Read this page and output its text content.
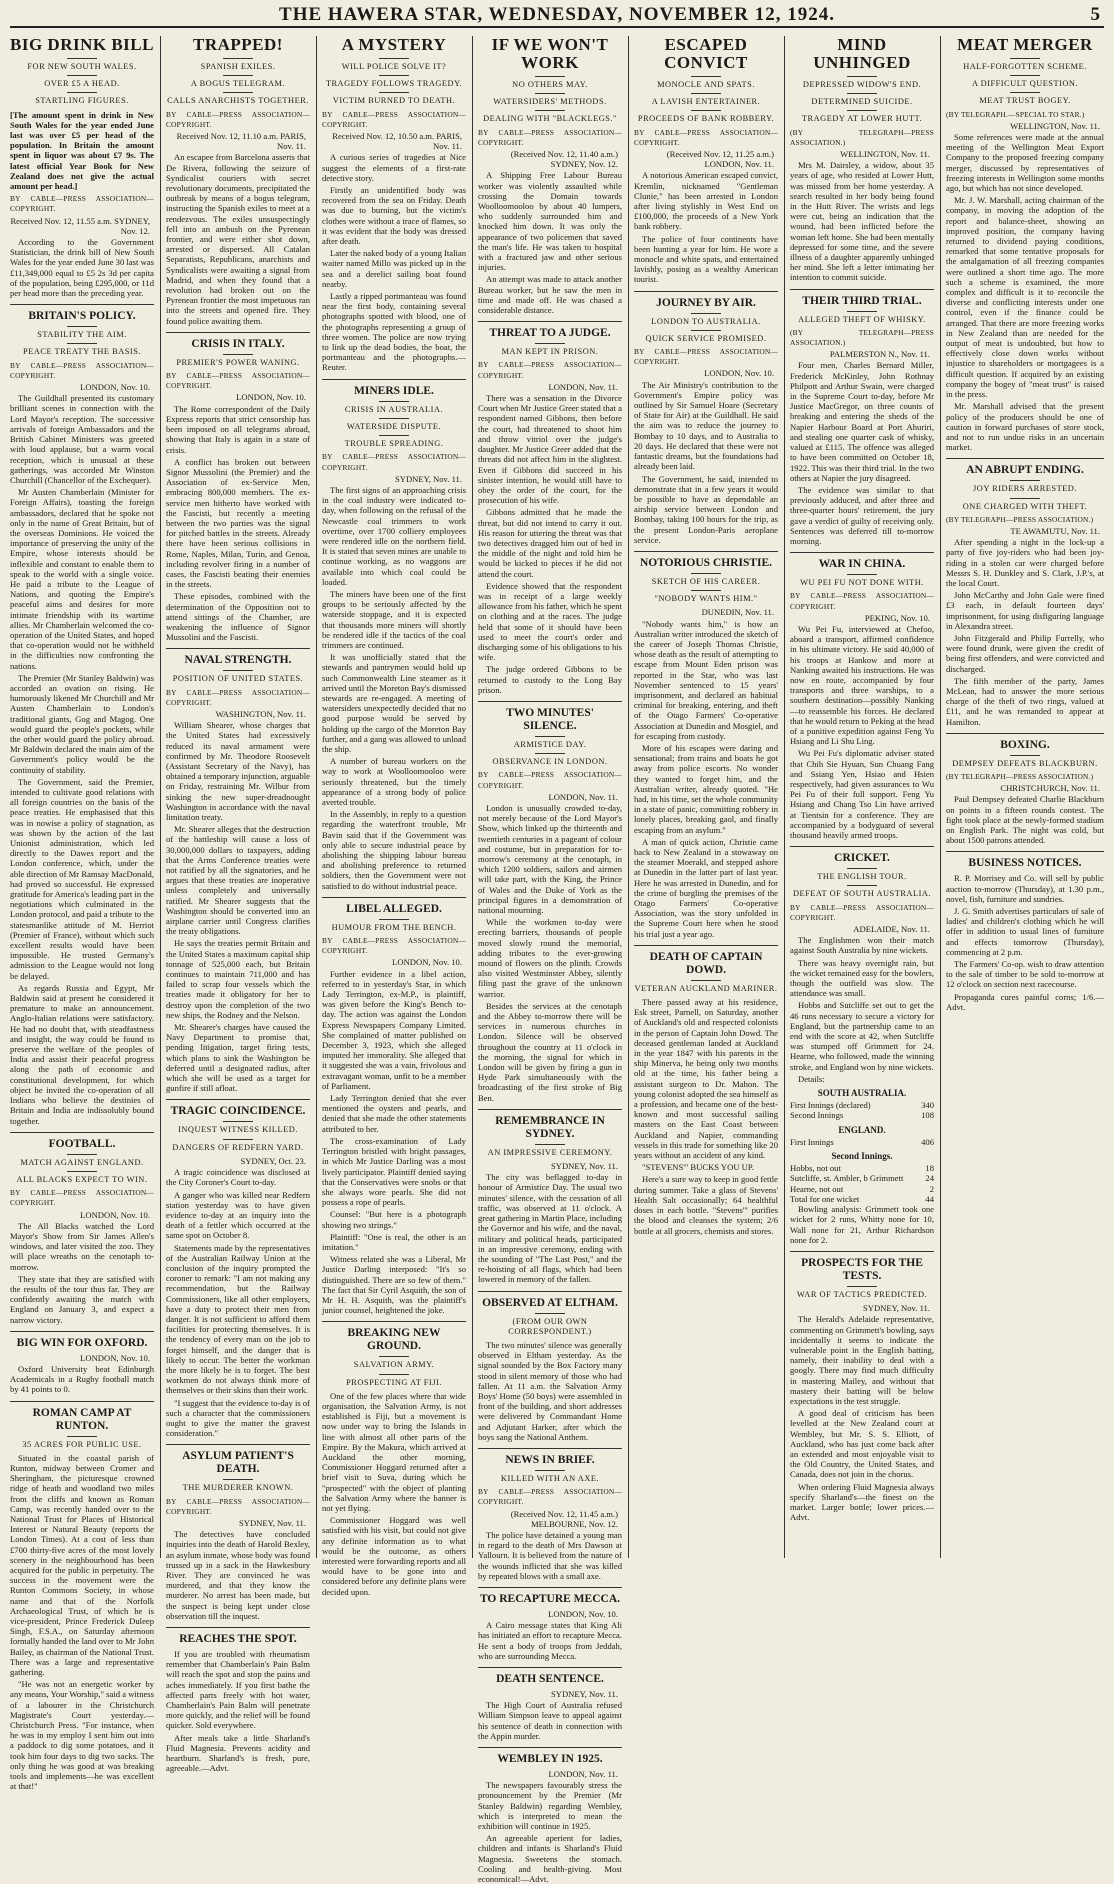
THE HAWERA STAR, WEDNESDAY, NOVEMBER 12, 1924.	5
BIG DRINK BILL
FOR NEW SOUTH WALES.
OVER £5 A HEAD.
STARTLING FIGURES.
[The amount spent in drink in New South Wales for the year ended June last was over £5 per head of the population. In Britain the amount spent in liquor was about £7 9s. The latest official Year Book for New Zealand does not give the actual amount per head.]
BY CABLE—PRESS ASSOCIATION—COPYRIGHT.
Received Nov. 12, 11.55 a.m. SYDNEY, Nov. 12.

According to the Government Statistician, the drink bill of New South Wales for the year ended June 30 last was £11,349,000 equal to £5 2s 3d per capita of the population, being £295,000, or 11d per head more than the preceding year.

BRITAIN'S POLICY.
STABILITY THE AIM.
PEACE TREATY THE BASIS.
BY CABLE—PRESS ASSOCIATION—COPYRIGHT.
LONDON, Nov. 10.

The Guildhall presented its customary brilliant scenes in connection with the Lord Mayor's reception. The successive arrivals of foreign Ambassadors and the British Cabinet Ministers was greeted with loud applause, but a warm vocal reception, which is unusual at these gatherings, was accorded Mr Winston Churchill (Chancellor of the Exchequer).

Mr Austen Chamberlain (Minister for Foreign Affairs), toasting the foreign ambassadors, declared that he spoke not only in the name of Great Britain, but of the overseas Dominions. He voiced the importance of preserving the unity of the Empire, whose interests should be inflexible and constant to enable them to speak to the world with a single voice. He paid a tribute to the League of Nations, and quoting the Empire's peaceful aims and desires for more intimate friendship with its wartime allies. Mr Chamberlain welcomed the co-operation of the United States, and hoped that co-operation would not be withheld in the difficulties now confronting the nations.

The Premier (Mr Stanley Baldwin) was accorded an ovation on rising. He humorously likened Mr Churchill and Mr Austen Chamberlain to London's traditional giants, Gog and Magog. One would guard the people's pockets, while the other would guard the policy abroad. Mr Baldwin declared the main aim of the Government's policy would be the continuity of stability.

The Government, said the Premier, intended to cultivate good relations with all foreign countries on the basis of the peace treaties. He emphasised that this was in nowise a policy of stagnation, as was shown by the action of the last Unionist administration, which led directly to the Dawes report and the London conference, which, under the able direction of Mr Ramsay MacDonald, had proved so successful. He expressed gratitude for America's leading part in the negotiations which culminated in the London protocol, and paid a tribute to the statesmanlike attitude of M. Herriot (Premier of France), without which such excellent results would have been impossible. He trusted Germany's admission to the League would not long be delayed.

As regards Russia and Egypt, Mr Baldwin said at present he considered it premature to make an announcement. Anglo-Italian relations were satisfactory. He had no doubt that, with steadfastness and insight, the way could be found to preserve the welfare of the peoples of India and assist their peaceful progress along the path of economic and constitutional development, for which object he invited the co-operation of all Indians who believe the destinies of Britain and India are indissolubly bound together.

FOOTBALL.
MATCH AGAINST ENGLAND.
ALL BLACKS EXPECT TO WIN.
BY CABLE—PRESS ASSOCIATION—COPYRIGHT.
LONDON, Nov. 10.

The All Blacks watched the Lord Mayor's Show from Sir James Allen's windows, and later visited the zoo. They will place wreaths on the cenotaph to-morrow.

They state that they are satisfied with the results of the tour thus far. They are confidently awaiting the match with England on January 3, and expect a narrow victory.

BIG WIN FOR OXFORD.
LONDON, Nov. 10.

Oxford University beat Edinburgh Academicals in a Rugby football match by 41 points to 0.

ROMAN CAMP AT RUNTON.
35 ACRES FOR PUBLIC USE.

Situated in the coastal parish of Runton, midway between Cromer and Sheringham, the picturesque crowned ridge of heath and woodland two miles from the cliffs and known as Roman Camp, was recently handed over to the National Trust for Places of Historical Interest or Natural Beauty (reports the London Times). At a cost of less than £700 thirty-five acres of the most lovely scenery in the neighbourhood has been acquired for the public in perpetuity. The success in the movement were the Runton Commons Society, in whose name and that of the Norfolk Archaeological Trust, of which he is vice-president, Prince Frederick Duleep Singh, F.S.A., on Saturday afternoon formally handed the land over to Mr John Bailey, as chairman of the National Trust. There was a large and representative gathering.

"He was not an energetic worker by any means, Your Worship," said a witness of a labourer in the Christchurch Magistrate's Court yesterday.—Christchurch Press. "For instance, when he was in my employ I sent him out into a paddock to dig some potatoes, and it took him four days to dig two sacks. The only thing he was good at was breaking tools and implements—he was excellent at that!"

TRAPPED!
SPANISH EXILES.
A BOGUS TELEGRAM.
CALLS ANARCHISTS TOGETHER.
BY CABLE—PRESS ASSOCIATION—COPYRIGHT.
Received Nov. 12, 11.10 a.m. PARIS, Nov. 11.

An escapee from Barcelona asserts that De Rivera, following the seizure of Syndicalist couriers with secret revolutionary documents, precipitated the outbreak by means of a bogus telegram, instructing the Spanish exiles to meet at a rendezvous. The exiles unsuspectingly fell into an ambush on the Pyrenean frontier, and were either shot down, arrested or dispersed. All Catalan Separatists, Republicans, anarchists and Syndicalists were awaiting a signal from Madrid, and when they found that a revolution had broken out on the Pyrenean frontier the most impetuous ran into the streets and opened fire. They found police awaiting them.

CRISIS IN ITALY.
PREMIER'S POWER WANING.
BY CABLE—PRESS ASSOCIATION—COPYRIGHT.
LONDON, Nov. 10.

The Rome correspondent of the Daily Express reports that strict censorship has been imposed on all telegrams abroad, showing that Italy is again in a state of crisis.

A conflict has broken out between Signor Mussolini (the Premier) and the Association of ex-Service Men, embracing 800,000 members. The ex-service men hitherto have worked with the Fascisti, but recently a meeting between the two parties was the signal for pitched battles in the streets. Already there have been serious collisions in Rome, Naples, Milan, Turin, and Genoa, including revolver firing in a number of cases, the Fascisti beating their enemies in the streets.

These episodes, combined with the determination of the Opposition not to attend sittings of the Chamber, are weakening the influence of Signor Mussolini and the Fascisti.

NAVAL STRENGTH.
POSITION OF UNITED STATES.
BY CABLE—PRESS ASSOCIATION—COPYRIGHT.
WASHINGTON, Nov. 11.

William Shearer, whose charges that the United States had excessively reduced its naval armament were confirmed by Mr. Theodore Roosevelt (Assistant Secretary of the Navy), has obtained a temporary injunction, arguable on Friday, restraining Mr. Wilbur from sinking the new super-dreadnought Washington in accordance with the naval limitation treaty.

Mr. Shearer alleges that the destruction of the battleship will cause a loss of 30,000,000 dollars to taxpayers, adding that the Arms Conference treaties were not ratified by all the signatories, and he argues that these treaties are inoperative unless completely and universally ratified. Mr Shearer suggests that the Washington should be converted into an airplane carrier until Congress clarifies the treaty obligations.

He says the treaties permit Britain and the United States a maximum capital ship tonnage of 525,000 each, but Britain continues to maintain 711,000 and has failed to scrap four vessels which the treaties made it obligatory for her to destroy upon the completion of the two new ships, the Rodney and the Nelson.

Mr. Shearer's charges have caused the Navy Department to promise that, pending litigation, target firing tests, which plans to sink the Washington be deferred until a designated radius, after which she will be used as a target for gunfire if still afloat.

TRAGIC COINCIDENCE.
INQUEST WITNESS KILLED.
DANGERS OF REDFERN YARD.
SYDNEY, Oct. 23.

A tragic coincidence was disclosed at the City Coroner's Court to-day.

A ganger who was killed near Redfern station yesterday was to have given evidence to-day at an inquiry into the death of a fettler which occurred at the same spot on October 8.

Statements made by the representatives of the Australian Railway Union at the conclusion of the inquiry prompted the coroner to remark: "I am not making any recommendation, but the Railway Commissioners, like all other employers, have a duty to protect their men from danger. It is not sufficient to afford them facilities for protecting themselves. It is the tendency of every man on the job to forget himself, and the danger that is likely to occur. The better the workman the more likely he is to forget. The best workmen do not always think more of themselves or their skins than their work.

"I suggest that the evidence to-day is of such a character that the commissioners ought to give the matter the gravest consideration."

ASYLUM PATIENT'S DEATH.
THE MURDERER KNOWN.
BY CABLE—PRESS ASSOCIATION—COPYRIGHT.
SYDNEY, Nov. 11.

The detectives have concluded inquiries into the death of Harold Bexley, an asylum inmate, whose body was found trussed up in a sack in the Hawkesbury River. They are convinced he was murdered, and that they know the murderer. No arrest has been made, but the suspect is being kept under close observation till the inquest.

REACHES THE SPOT.

If you are troubled with rheumatism remember that Chamberlain's Pain Balm will reach the spot and stop the pains and aches immediately. If you first bathe the affected parts freely with hot water, Chamberlain's Pain Balm will penetrate more quickly, and the relief will be found quicker. Sold everywhere.

After meals take a little Sharland's Fluid Magnesia. Prevents acidity and heartburn. Sharland's is fresh, pure, agreeable.—Advt.

A MYSTERY
WILL POLICE SOLVE IT?
TRAGEDY FOLLOWS TRAGEDY.
VICTIM BURNED TO DEATH.
BY CABLE—PRESS ASSOCIATION—COPYRIGHT.
Received Nov. 12, 10.50 a.m. PARIS, Nov. 11.

A curious series of tragedies at Nice suggest the elements of a first-rate detective story.

Firstly an unidentified body was recovered from the sea on Friday. Death was due to burning, but the victim's clothes were without a trace of flames, so it was evident that the body was dressed after death.

Later the naked body of a young Italian waiter named Millo was picked up in the sea and a derelict sailing boat found nearby.

Lastly a ripped portmanteau was found near the first body, containing several photographs spotted with blood, one of the photographs representing a group of three women. The police are now trying to link up the dead bodies, the boat, the portmanteau and the photographs.—Reuter.

MINERS IDLE.
CRISIS IN AUSTRALIA.
WATERSIDE DISPUTE.
TROUBLE SPREADING.
BY CABLE—PRESS ASSOCIATION—COPYRIGHT.
SYDNEY, Nov. 11.

The first signs of an approaching crisis in the coal industry were indicated to-day, when following on the refusal of the Newcastle coal trimmers to work overtime, over 1700 colliery employees were rendered idle on the northern field. It is stated that seven mines are unable to continue working, as no waggons are available into which coal could be loaded.

The miners have been one of the first groups to be seriously affected by the waterside stoppage, and it is expected that thousands more miners will shortly be rendered idle if the tactics of the coal trimmers are continued.

It was unofficially stated that the stewards and pantrymen would hold up such Commonwealth Line steamer as it arrived until the Moreton Bay's dismissed stewards are re-engaged. A meeting of watersiders unexpectedly decided that no good purpose would be served by holding up the cargo of the Moreton Bay further, and a gang was allowed to unload the ship.

A number of bureau workers on the way to work at Woolloomooloo were seriously threatened, but the timely appearance of a strong body of police averted trouble.

In the Assembly, in reply to a question regarding the waterfront trouble, Mr Bavin said that if the Government was only able to secure industrial peace by abolishing the shipping labour bureau and abolishing preference to returned soldiers, then the Government were not satisfied to do without industrial peace.

LIBEL ALLEGED.
HUMOUR FROM THE BENCH.
BY CABLE—PRESS ASSOCIATION—COPYRIGHT.
LONDON, Nov. 10.

Further evidence in a libel action, referred to in yesterday's Star, in which Lady Terrington, ex-M.P., is plaintiff, was given before the King's Bench to-day. The action was against the London Express Newspapers Company Limited. She complained of matter published on December 3, 1923, which she alleged imputed her immorality. She alleged that it suggested she was a vain, frivolous and extravagant woman, unfit to be a member of Parliament.

Lady Terrington denied that she ever mentioned the oysters and pearls, and denied that she made the other statements attributed to her.

The cross-examination of Lady Terrington bristled with bright passages, in which Mr Justice Darling was a most lively participator. Plaintiff denied saying that the Conservatives were snobs or that she always wore pearls. She did not possess a rope of pearls.

Counsel: "But here is a photograph showing two strings."

Plaintiff: "One is real, the other is an imitation."

Witness related she was a Liberal, Mr Justice Darling interposed: "It's so distinguished. There are so few of them." The fact that Sir Cyril Asquith, the son of Mr H. H. Asquith, was the plaintiff's junior counsel, heightened the joke.

BREAKING NEW GROUND.
SALVATION ARMY.
PROSPECTING AT FIJI.

One of the few places where that wide organisation, the Salvation Army, is not established is Fiji, but a movement is now under way to bring the Islands in line with almost all other parts of the Empire. By the Makura, which arrived at Auckland the other morning, Commissioner Hoggard returned after a brief visit to Suva, during which he "prospected" with the object of planting the Salvation Army where the banner is not yet flying.

Commissioner Hoggard was well satisfied with his visit, but could not give any definite information as to what would be the outcome, as others interested were forwarding reports and all would have to be gone into and considered before any definite plans were decided upon.

IF WE WON'T WORK
NO OTHERS MAY.
WATERSIDERS' METHODS.
DEALING WITH "BLACKLEGS."
BY CABLE—PRESS ASSOCIATION—COPYRIGHT.
(Received Nov. 12, 11.40 a.m.) SYDNEY, Nov. 12.

A Shipping Free Labour Bureau worker was violently assaulted while crossing the Domain towards Woolloomooloo by about 40 lumpers, who suddenly surrounded him and knocked him down. It was only the appearance of two policemen that saved the man's life. He was taken to hospital with a fractured jaw and other serious injuries.

An attempt was made to attack another Bureau worker, but he saw the men in time and made off. He was chased a considerable distance.

THREAT TO A JUDGE.
MAN KEPT IN PRISON.
BY CABLE—PRESS ASSOCIATION—COPYRIGHT.
LONDON, Nov. 11.

There was a sensation in the Divorce Court when Mr Justice Greer stated that a respondent named Gibbons, then before the court, had threatened to shoot him and throw vitriol over the judge's daughter. Mr Justice Greer added that the threats did not affect him in the slightest. Even if Gibbons did succeed in his sinister intention, he would still have to obey the order of the court, for the prosecution of his wife.

Gibbons admitted that he made the threat, but did not intend to carry it out. His reason for uttering the threat was that two detectives dragged him out of bed in the middle of the night and told him he would be kicked to pieces if he did not attend the court.

Evidence showed that the respondent was in receipt of a large weekly allowance from his father, which he spent on clothing and at the races. The judge held that some of it should have been used to meet the court's order and discharging some of his obligations to his wife.

The judge ordered Gibbons to be returned to custody to the Long Bay prison.

TWO MINUTES' SILENCE.
ARMISTICE DAY.
OBSERVANCE IN LONDON.
BY CABLE—PRESS ASSOCIATION—COPYRIGHT.
LONDON, Nov. 11.

London is unusually crowded to-day, not merely because of the Lord Mayor's Show, which linked up the thirteenth and twentieth centuries in a pageant of colour and costume, but in preparation for to-morrow's ceremony at the cenotaph, in which 1200 soldiers, sailors and airmen will take part, with the King, the Prince of Wales and the Duke of York as the principal figures in a demonstration of national mourning.

While the workmen to-day were erecting barriers, thousands of people moved slowly round the memorial, adding tributes to the ever-growing mound of flowers on the plinth. Crowds also visited Westminster Abbey, silently filing past the grave of the unknown warrior.

Besides the services at the cenotaph and the Abbey to-morrow there will be services in numerous churches in London. Silence will be observed throughout the country at 11 o'clock in the morning, the signal for which in London will be given by firing a gun in Hyde Park simultaneously with the broadcasting of the first stroke of Big Ben.

REMEMBRANCE IN SYDNEY.
AN IMPRESSIVE CEREMONY.
SYDNEY, Nov. 11.

The city was beflagged to-day in honour of Armistice Day. The usual two minutes' silence, with the cessation of all traffic, was observed at 11 o'clock. A great gathering in Martin Place, including the Governor and his wife, and the naval, military and political heads, participated in an impressive ceremony, ending with the sounding of "The Last Post," and the re-hoisting of all flags, which had been lowered in memory of the fallen.

OBSERVED AT ELTHAM.
(FROM OUR OWN CORRESPONDENT.)

The two minutes' silence was generally observed in Eltham yesterday. As the signal sounded by the Box Factory many stood in silent memory of those who had fallen. At 11 a.m. the Salvation Army Boys' Home (50 boys) were assembled in front of the building, and short addresses were delivered by Commandant Home and Adjutant Harker, after which the boys sang the National Anthem.

NEWS IN BRIEF.
KILLED WITH AN AXE.
BY CABLE—PRESS ASSOCIATION—COPYRIGHT.
(Received Nov. 12, 11.45 a.m.) MELBOURNE, Nov. 12.

The police have detained a young man in regard to the death of Mrs Dawson at Yallourn. It is believed from the nature of the wounds inflicted that she was killed by repeated blows with a small axe.

TO RECAPTURE MECCA.
LONDON, Nov. 10.

A Cairo message states that King Ali has initiated an effort to recapture Mecca. He sent a body of troops from Jeddah, who are surrounding Mecca.

DEATH SENTENCE.
SYDNEY, Nov. 11.

The High Court of Australia refused William Simpson leave to appeal against his sentence of death in connection with the Appin murder.

WEMBLEY IN 1925.
LONDON, Nov. 11.

The newspapers favourably stress the pronouncement by the Premier (Mr Stanley Baldwin) regarding Wembley, which is interpreted to mean the exhibition will continue in 1925.

An agreeable aperient for ladies, children and infants is Sharland's Fluid Magnesia. Sweetens the stomach. Cooling and health-giving. Most economical!—Advt.

ESCAPED CONVICT
MONOCLE AND SPATS.
A LAVISH ENTERTAINER.
PROCEEDS OF BANK ROBBERY.
BY CABLE—PRESS ASSOCIATION—COPYRIGHT.
(Received Nov. 12, 11.25 a.m.) LONDON, Nov. 11.

A notorious American escaped convict, Kremlin, nicknamed "Gentleman Clunie," has been arrested in London after living stylishly in West End on £100,000, the proceeds of a New York bank robbery.

The police of four continents have been hunting a year for him. He wore a monocle and white spats, and entertained lavishly, posing as a wealthy American tourist.

JOURNEY BY AIR.
LONDON TO AUSTRALIA.
QUICK SERVICE PROMISED.
BY CABLE—PRESS ASSOCIATION—COPYRIGHT.
LONDON, Nov. 10.

The Air Ministry's contribution to the Government's Empire policy was outlined by Sir Samuel Hoare (Secretary of State for Air) at the Guildhall. He said the aim was to reduce the journey to Bombay to 10 days, and to Australia to 20 days. He declared that these were not fantastic dreams, but the foundations had already been laid.

The Government, he said, intended to demonstrate that in a few years it would be possible to have as dependable an airship service between London and Bombay, taking 100 hours for the trip, as the present London-Paris aeroplane service.

NOTORIOUS CHRISTIE.
SKETCH OF HIS CAREER.
"NOBODY WANTS HIM."
DUNEDIN, Nov. 11.

"Nobody wants him," is how an Australian writer introduced the sketch of the career of Joseph Thomas Christie, whose death as the result of attempting to escape from Mount Eden prison was reported in the Star, who was last November sentenced to 15 years' imprisonment, and declared an habitual criminal for breaking, entering, and theft of the Otago Farmers' Co-operative Association at Dunedin and Mosgiel, and for escaping from custody.

More of his escapes were daring and sensational; from trains and boats he got away from police escorts. No wonder they wanted to forget him, and the Australian writer, already quoted. "He had, in his time, set the whole community in a state of panic, committing robbery in lonely places, breaking gaol, and finally escaping from an asylum."

A man of quick action, Christie came back to New Zealand in a stowaway on the steamer Moerakl, and stepped ashore at Dunedin in the latter part of last year. Here he was arrested in Dunedin, and for the crime of burgling the premises of the Otago Farmers' Co-operative Association, was the story unfolded in the Supreme Court here when he stood his trial just a year ago.

DEATH OF CAPTAIN DOWD.
VETERAN AUCKLAND MARINER.

There passed away at his residence, Esk street, Parnell, on Saturday, another of Auckland's old and respected colonists in the person of Captain John Dowd. The deceased gentleman landed at Auckland in the year 1847 with his parents in the ship Minerva, he being only two months old at the time, his father being a assistant surgeon to Dr. Mahon. The young colonist adopted the sea himself as a profession, and became one of the best-known and most successful sailing masters on the East Coast between Auckland and Napier, commanding vessels in this trade for something like 20 years without an accident of any kind.

"STEVENS'" BUCKS YOU UP.

Here's a sure way to keep in good fettle during summer. Take a glass of Stevens' Health Salt occasionally; 64 healthful doses in each bottle. "Stevens'" purifies the blood and cleanses the system; 2/6 bottle at all grocers, chemists and stores.

MIND UNHINGED
DEPRESSED WIDOW'S END.
DETERMINED SUICIDE.
TRAGEDY AT LOWER HUTT.
(BY TELEGRAPH—PRESS ASSOCIATION.)
WELLINGTON, Nov. 11.

Mrs M. Dairsley, a widow, about 35 years of age, who resided at Lower Hutt, was missed from her home yesterday. A search resulted in her body being found in the Hutt River. The wrists and legs were cut, being an indication that the wound, had been inflicted before the woman left home. She had been mentally depressed for some time, and the severe illness of a daughter apparently unhinged her mind. She left a letter intimating her intention to commit suicide.

THEIR THIRD TRIAL.
ALLEGED THEFT OF WHISKY.
(BY TELEGRAPH—PRESS ASSOCIATION.)
PALMERSTON N., Nov. 11.

Four men, Charles Bernard Miller, Frederick McKinley, John Rothnay Philpott and Arthur Swain, were charged in the Supreme Court to-day, before Mr Justice MacGregor, on three counts of breaking and entering the sheds of the Napier Harbour Board at Port Ahuriri, and stealing one quarter cask of whisky, valued at £115. The offence was alleged to have been committed on October 18, 1922. This was their third trial. In the two others at Napier the jury disagreed.

The evidence was similar to that previously adduced, and after three and three-quarter hours' retirement, the jury gave a verdict of guilty of receiving only. Sentences was deferred till to-morrow morning.

WAR IN CHINA.
WU PEI FU NOT DONE WITH.
BY CABLE—PRESS ASSOCIATION—COPYRIGHT.
PEKING, Nov. 10.

Wu Pei Fu, interviewed at Chefoo, aboard a transport, affirmed confidence in his ultimate victory. He said 40,000 of his troops at Hankow and more at Nanking awaited his instructions. He was now en route, accompanied by four transports and three warships, to a southern destination—possibly Nanking—to reassemble his forces. He declared that he would return to Peking at the head of a punitive expedition against Feng Yu Hsiang and Li Shu Ling.

Wu Pei Fu's diplomatic adviser stated that Chih Sie Hyuan, Sun Chuang Fang and Ssiang Yen, Hsiao and Hsien respectively, had given assurances to Wu Pei Fu of their full support. Feng Yu Hsiang and Chang Tso Lin have arrived at Tientsin for a conference. They are accompanied by a bodyguard of several thousand heavily armed troops.

CRICKET.
THE ENGLISH TOUR.
DEFEAT OF SOUTH AUSTRALIA.
BY CABLE—PRESS ASSOCIATION—COPYRIGHT.
ADELAIDE, Nov. 11.

The Englishmen won their match against South Australia by nine wickets.

There was heavy overnight rain, but the wicket remained easy for the bowlers, though the outfield was slow. The attendance was small.

Hobbs and Sutcliffe set out to get the 46 runs necessary to secure a victory for England, but the partnership came to an end with the score at 42, when Sutcliffe was stumped off Grimmett for 24. Hearne, who followed, made the winning stroke, and England won by nine wickets.

Details:

SOUTH AUSTRALIA.
First Innings (declared)	340
Second Innings	108
ENGLAND.
First Innings	406
Second Innings.
Hobbs, not out	18
Sutcliffe, st. Ambler, b Grimmett	24
Hearne, not out	2
Total for one wicket	44

Bowling analysis: Grimmett took one wicket for 2 runs, Whitty none for 10, Wall none for 21, Arthur Richardson none for 2.

PROSPECTS FOR THE TESTS.
WAR OF TACTICS PREDICTED.
SYDNEY, Nov. 11.

The Herald's Adelaide representative, commenting on Grimmett's bowling, says incidentally it seems to indicate the vulnerable point in the English batting, namely, their inability to deal with a googly. There may find much difficulty in mastering Mailey, and without that mastery their batting will be below expectations in the test struggle.

A good deal of criticism has been levelled at the New Zealand court at Wembley, but Mr. S. S. Elliott, of Auckland, who has just come back after an extended and most enjoyable visit to the Old Country, the United States, and Canada, does not join in the chorus.

When ordering Fluid Magnesia always specify Sharland's—the finest on the market. Larger bottle; lower prices.—Advt.

MEAT MERGER
HALF-FORGOTTEN SCHEME.
A DIFFICULT QUESTION.
MEAT TRUST BOGEY.
(BY TELEGRAPH.—SPECIAL TO STAR.)
WELLINGTON, Nov. 11.

Some references were made at the annual meeting of the Wellington Meat Export Company to the proposed freezing company merger, discussed by representatives of freezing interests in Wellington some months ago, but which has not since developed.

Mr. J. W. Marshall, acting chairman of the company, in moving the adoption of the report and balance-sheet, showing an improved position, the company having returned to dividend paying conditions, remarked that some tentative proposals for the amalgamation of all freezing companies were outlined a short time ago. The more such a scheme is examined, the more complex and difficult is it to reconcile the diverse and conflicting interests under one control, even if the finance could be arranged. That there are more freezing works in New Zealand than are needed for the output of meat is undoubted, but how to effectively close down works without injustice to shareholders or mortgagees is a difficult question. If acquired by an existing company the bogey of "meat trust" is raised in the press.

Mr. Marshall advised that the present policy of the producers should be one of caution in forward purchases of store stock, and not to run undue risks in an uncertain market.

AN ABRUPT ENDING.
JOY RIDERS ARRESTED.
ONE CHARGED WITH THEFT.
(BY TELEGRAPH—PRESS ASSOCIATION.)
TE AWAMUTU, Nov. 11.

After spending a night in the lock-up a party of five joy-riders who had been joy-riding in a stolen car were charged before Messrs S. H. Dunkley and S. Clark, J.P.'s, at the local Court.

John McCarthy and John Gale were fined £3 each, in default fourteen days' imprisonment, for using disfiguring language in Alexandra street.

John Fitzgerald and Philip Furrelly, who were found drunk, were given the credit of being first offenders, and were convicted and discharged.

The fifth member of the party, James McLean, had to answer the more serious charge of the theft of two rings, valued at £11, and he was remanded to appear at Hamilton.

BOXING.
DEMPSEY DEFEATS BLACKBURN.
(BY TELEGRAPH—PRESS ASSOCIATION.)
CHRISTCHURCH, Nov. 11.

Paul Dempsey defeated Charlie Blackburn on points in a fifteen rounds contest. The fight took place at the newly-formed stadium on English Park. The night was cold, but about 1500 patrons attended.

BUSINESS NOTICES.

R. P. Morrisey and Co. will sell by public auction to-morrow (Thursday), at 1.30 p.m., novel, fish, furniture and sundries.

J. G. Smith advertises particulars of sale of ladies' and children's clothing which he will offer in addition to usual lines of furniture and effects tomorrow (Thursday), commencing at 2 p.m.

The Farmers' Co-op. wish to draw attention to the sale of timber to be sold to-morrow at 12 o'clock on section next racecourse.

Propaganda cures painful corns; 1/6.—Advt.
